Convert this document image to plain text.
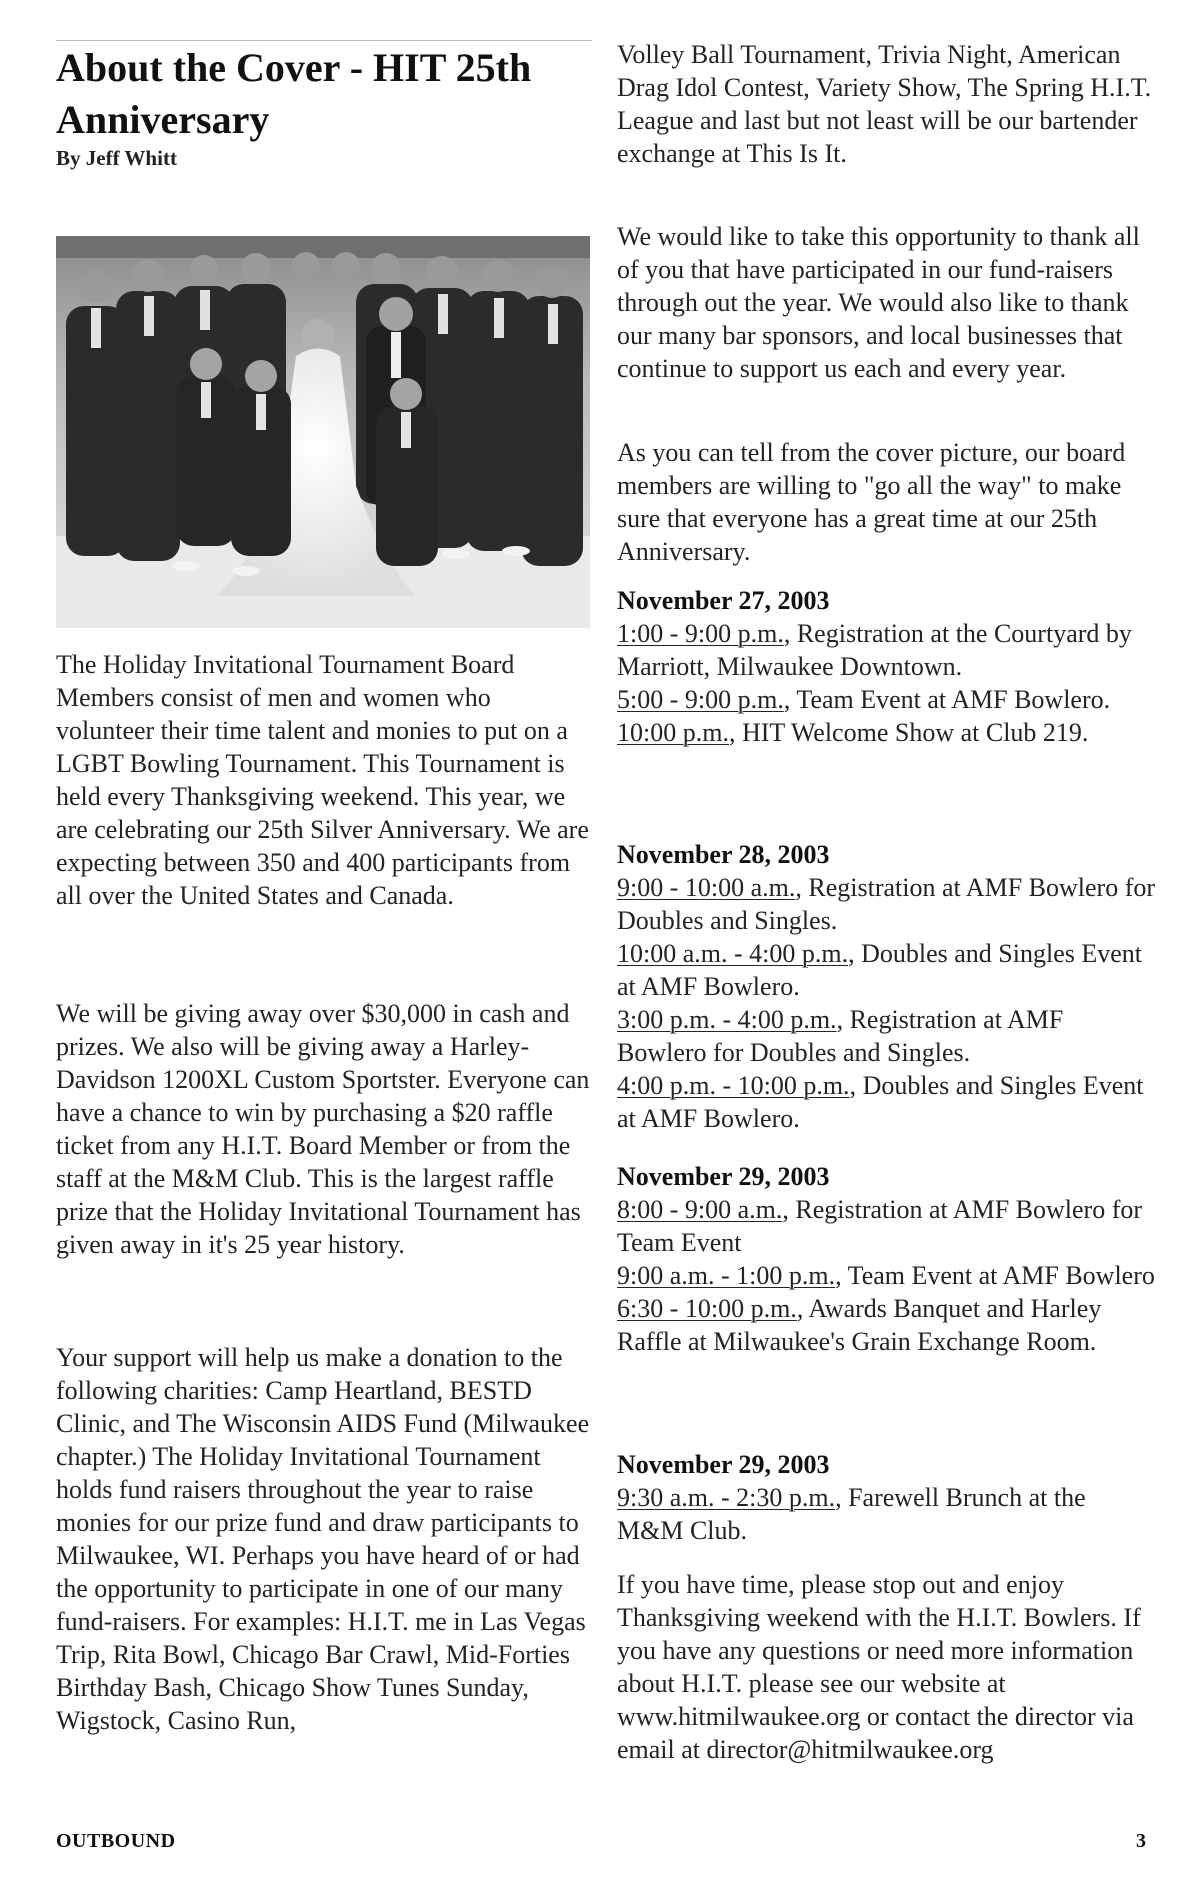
About the Cover - HIT 25th Anniversary

By Jeff Whitt

The Holiday Invitational Tournament Board Members consist of men and women who volunteer their time talent and monies to put on a LGBT Bowling Tournament. This Tournament is held every Thanksgiving weekend. This year, we are celebrating our 25th Silver Anniversary. We are expecting between 350 and 400 participants from all over the United States and Canada.

We will be giving away over $30,000 in cash and prizes. We also will be giving away a Harley-Davidson 1200XL Custom Sportster. Everyone can have a chance to win by purchasing a $20 raffle ticket from any H.I.T. Board Member or from the staff at the M&M Club. This is the largest raffle prize that the Holiday Invitational Tournament has given away in it's 25 year history.

Your support will help us make a donation to the following charities: Camp Heartland, BESTD Clinic, and The Wisconsin AIDS Fund (Milwaukee chapter.) The Holiday Invitational Tournament holds fund raisers throughout the year to raise monies for our prize fund and draw participants to Milwaukee, WI. Perhaps you have heard of or had the opportunity to participate in one of our many fund-raisers. For examples: H.I.T. me in Las Vegas Trip, Rita Bowl, Chicago Bar Crawl, Mid-Forties Birthday Bash, Chicago Show Tunes Sunday, Wigstock, Casino Run,

Volley Ball Tournament, Trivia Night, American Drag Idol Contest, Variety Show, The Spring H.I.T. League and last but not least will be our bartender exchange at This Is It.

We would like to take this opportunity to thank all of you that have participated in our fund-raisers through out the year. We would also like to thank our many bar sponsors, and local businesses that continue to support us each and every year.

As you can tell from the cover picture, our board members are willing to "go all the way" to make sure that everyone has a great time at our 25th Anniversary.

November 27, 2003
1:00 - 9:00 p.m., Registration at the Courtyard by Marriott, Milwaukee Downtown.
5:00 - 9:00 p.m., Team Event at AMF Bowlero.
10:00 p.m., HIT Welcome Show at Club 219.
November 28, 2003
9:00 - 10:00 a.m., Registration at AMF Bowlero for Doubles and Singles.
10:00 a.m. - 4:00 p.m., Doubles and Singles Event at AMF Bowlero.
3:00 p.m. - 4:00 p.m., Registration at AMF Bowlero for Doubles and Singles.
4:00 p.m. - 10:00 p.m., Doubles and Singles Event at AMF Bowlero.
November 29, 2003
8:00 - 9:00 a.m., Registration at AMF Bowlero for Team Event
9:00 a.m. - 1:00 p.m., Team Event at AMF Bowlero
6:30 - 10:00 p.m., Awards Banquet and Harley Raffle at Milwaukee's Grain Exchange Room.
November 29, 2003
9:30 a.m. - 2:30 p.m., Farewell Brunch at the M&M Club.

If you have time, please stop out and enjoy Thanksgiving weekend with the H.I.T. Bowlers. If you have any questions or need more information about H.I.T. please see our website at www.hitmilwaukee.org or contact the director via email at director@hitmilwaukee.org

OUTBOUND	3
